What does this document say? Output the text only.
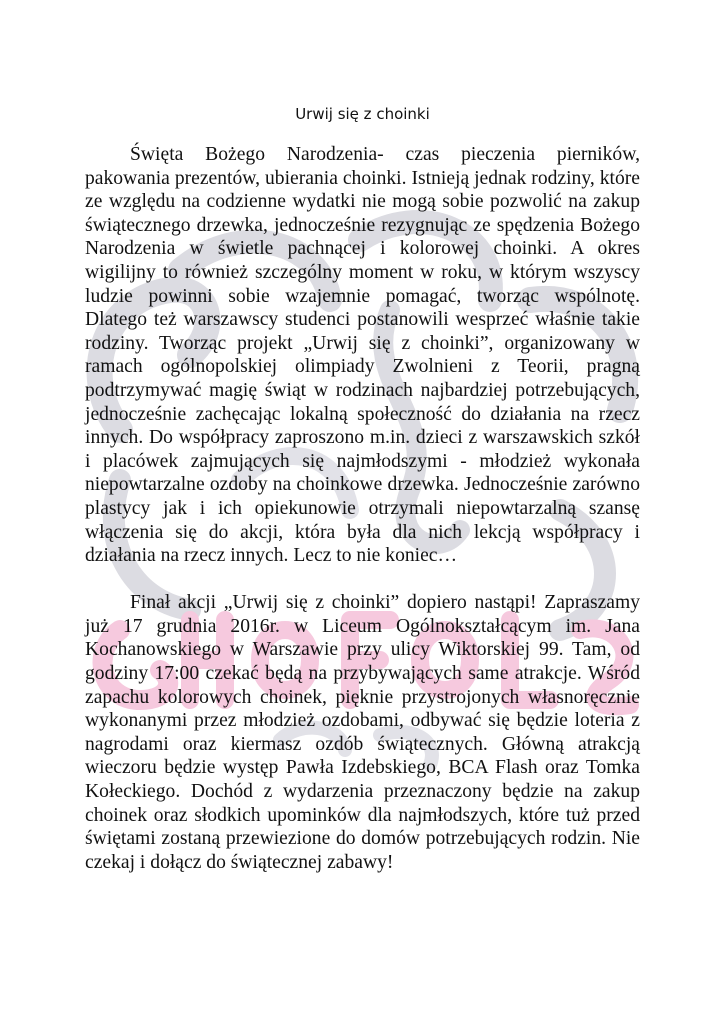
Urwij się z choinki

Święta Bożego Narodzenia- czas pieczenia pierników, pakowania prezentów, ubierania choinki. Istnieją jednak rodziny, które ze względu na codzienne wydatki nie mogą sobie pozwolić na zakup świątecznego drzewka, jednocześnie rezygnując ze spędzenia Bożego Narodzenia w świetle pachnącej i kolorowej choinki. A okres wigilijny to również szczególny moment w roku, w którym wszyscy ludzie powinni sobie wzajemnie pomagać, tworząc wspólnotę. Dlatego też warszawscy studenci postanowili wesprzeć właśnie takie rodziny. Tworząc projekt „Urwij się z choinki”, organizowany w ramach ogólnopolskiej olimpiady Zwolnieni z Teorii, pragną podtrzymywać magię świąt w rodzinach najbardziej potrzebujących, jednocześnie zachęcając lokalną społeczność do działania na rzecz innych. Do współpracy zaproszono m.in. dzieci z warszawskich szkół i placówek zajmujących się najmłodszymi - młodzież wykonała niepowtarzalne ozdoby na choinkowe drzewka. Jednocześnie zarówno plastycy jak i ich opiekunowie otrzymali niepowtarzalną szansę włączenia się do akcji, która była dla nich lekcją współpracy i działania na rzecz innych. Lecz to nie koniec…

Finał akcji „Urwij się z choinki” dopiero nastąpi! Zapraszamy już 17 grudnia 2016r. w Liceum Ogólnokształcącym im. Jana Kochanowskiego w Warszawie przy ulicy Wiktorskiej 99. Tam, od godziny 17:00 czekać będą na przybywających same atrakcje. Wśród zapachu kolorowych choinek, pięknie przystrojonych własnoręcznie wykonanymi przez młodzież ozdobami, odbywać się będzie loteria z nagrodami oraz kiermasz ozdób świątecznych. Główną atrakcją wieczoru będzie występ Pawła Izdebskiego, BCA Flash oraz Tomka Kołeckiego. Dochód z wydarzenia przeznaczony będzie na zakup choinek oraz słodkich upominków dla najmłodszych, które tuż przed świętami zostaną przewiezione do domów potrzebujących rodzin. Nie czekaj i dołącz do świątecznej zabawy!
